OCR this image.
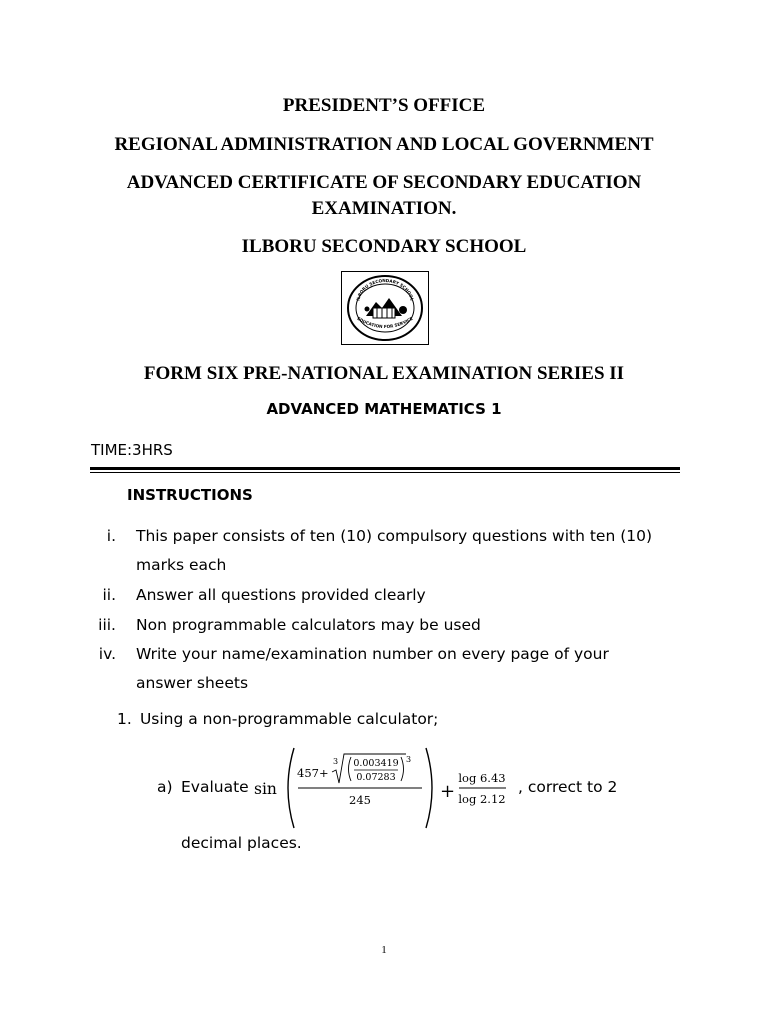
PRESIDENT’S OFFICE
REGIONAL ADMINISTRATION AND LOCAL GOVERNMENT
ADVANCED CERTIFICATE OF SECONDARY EDUCATION
EXAMINATION.
ILBORU SECONDARY SCHOOL
ILBORU SECONDARY SCHOOL
EDUCATION FOR SERVICE
FORM SIX PRE-NATIONAL EXAMINATION SERIES II
ADVANCED MATHEMATICS 1
TIME:3HRS
INSTRUCTIONS
i. This paper consists of ten (10) compulsory questions with ten (10)
marks each
ii. Answer all questions provided clearly
iii. Non programmable calculators may be used
iv. Write your name/examination number on every page of your
answer sheets
1. Using a non-programmable calculator;
a) Evaluate sin
457+
3 0.003419
0.07283
3
245	+
log 6.43
log 2.12
, correct to 2
decimal places.
1
